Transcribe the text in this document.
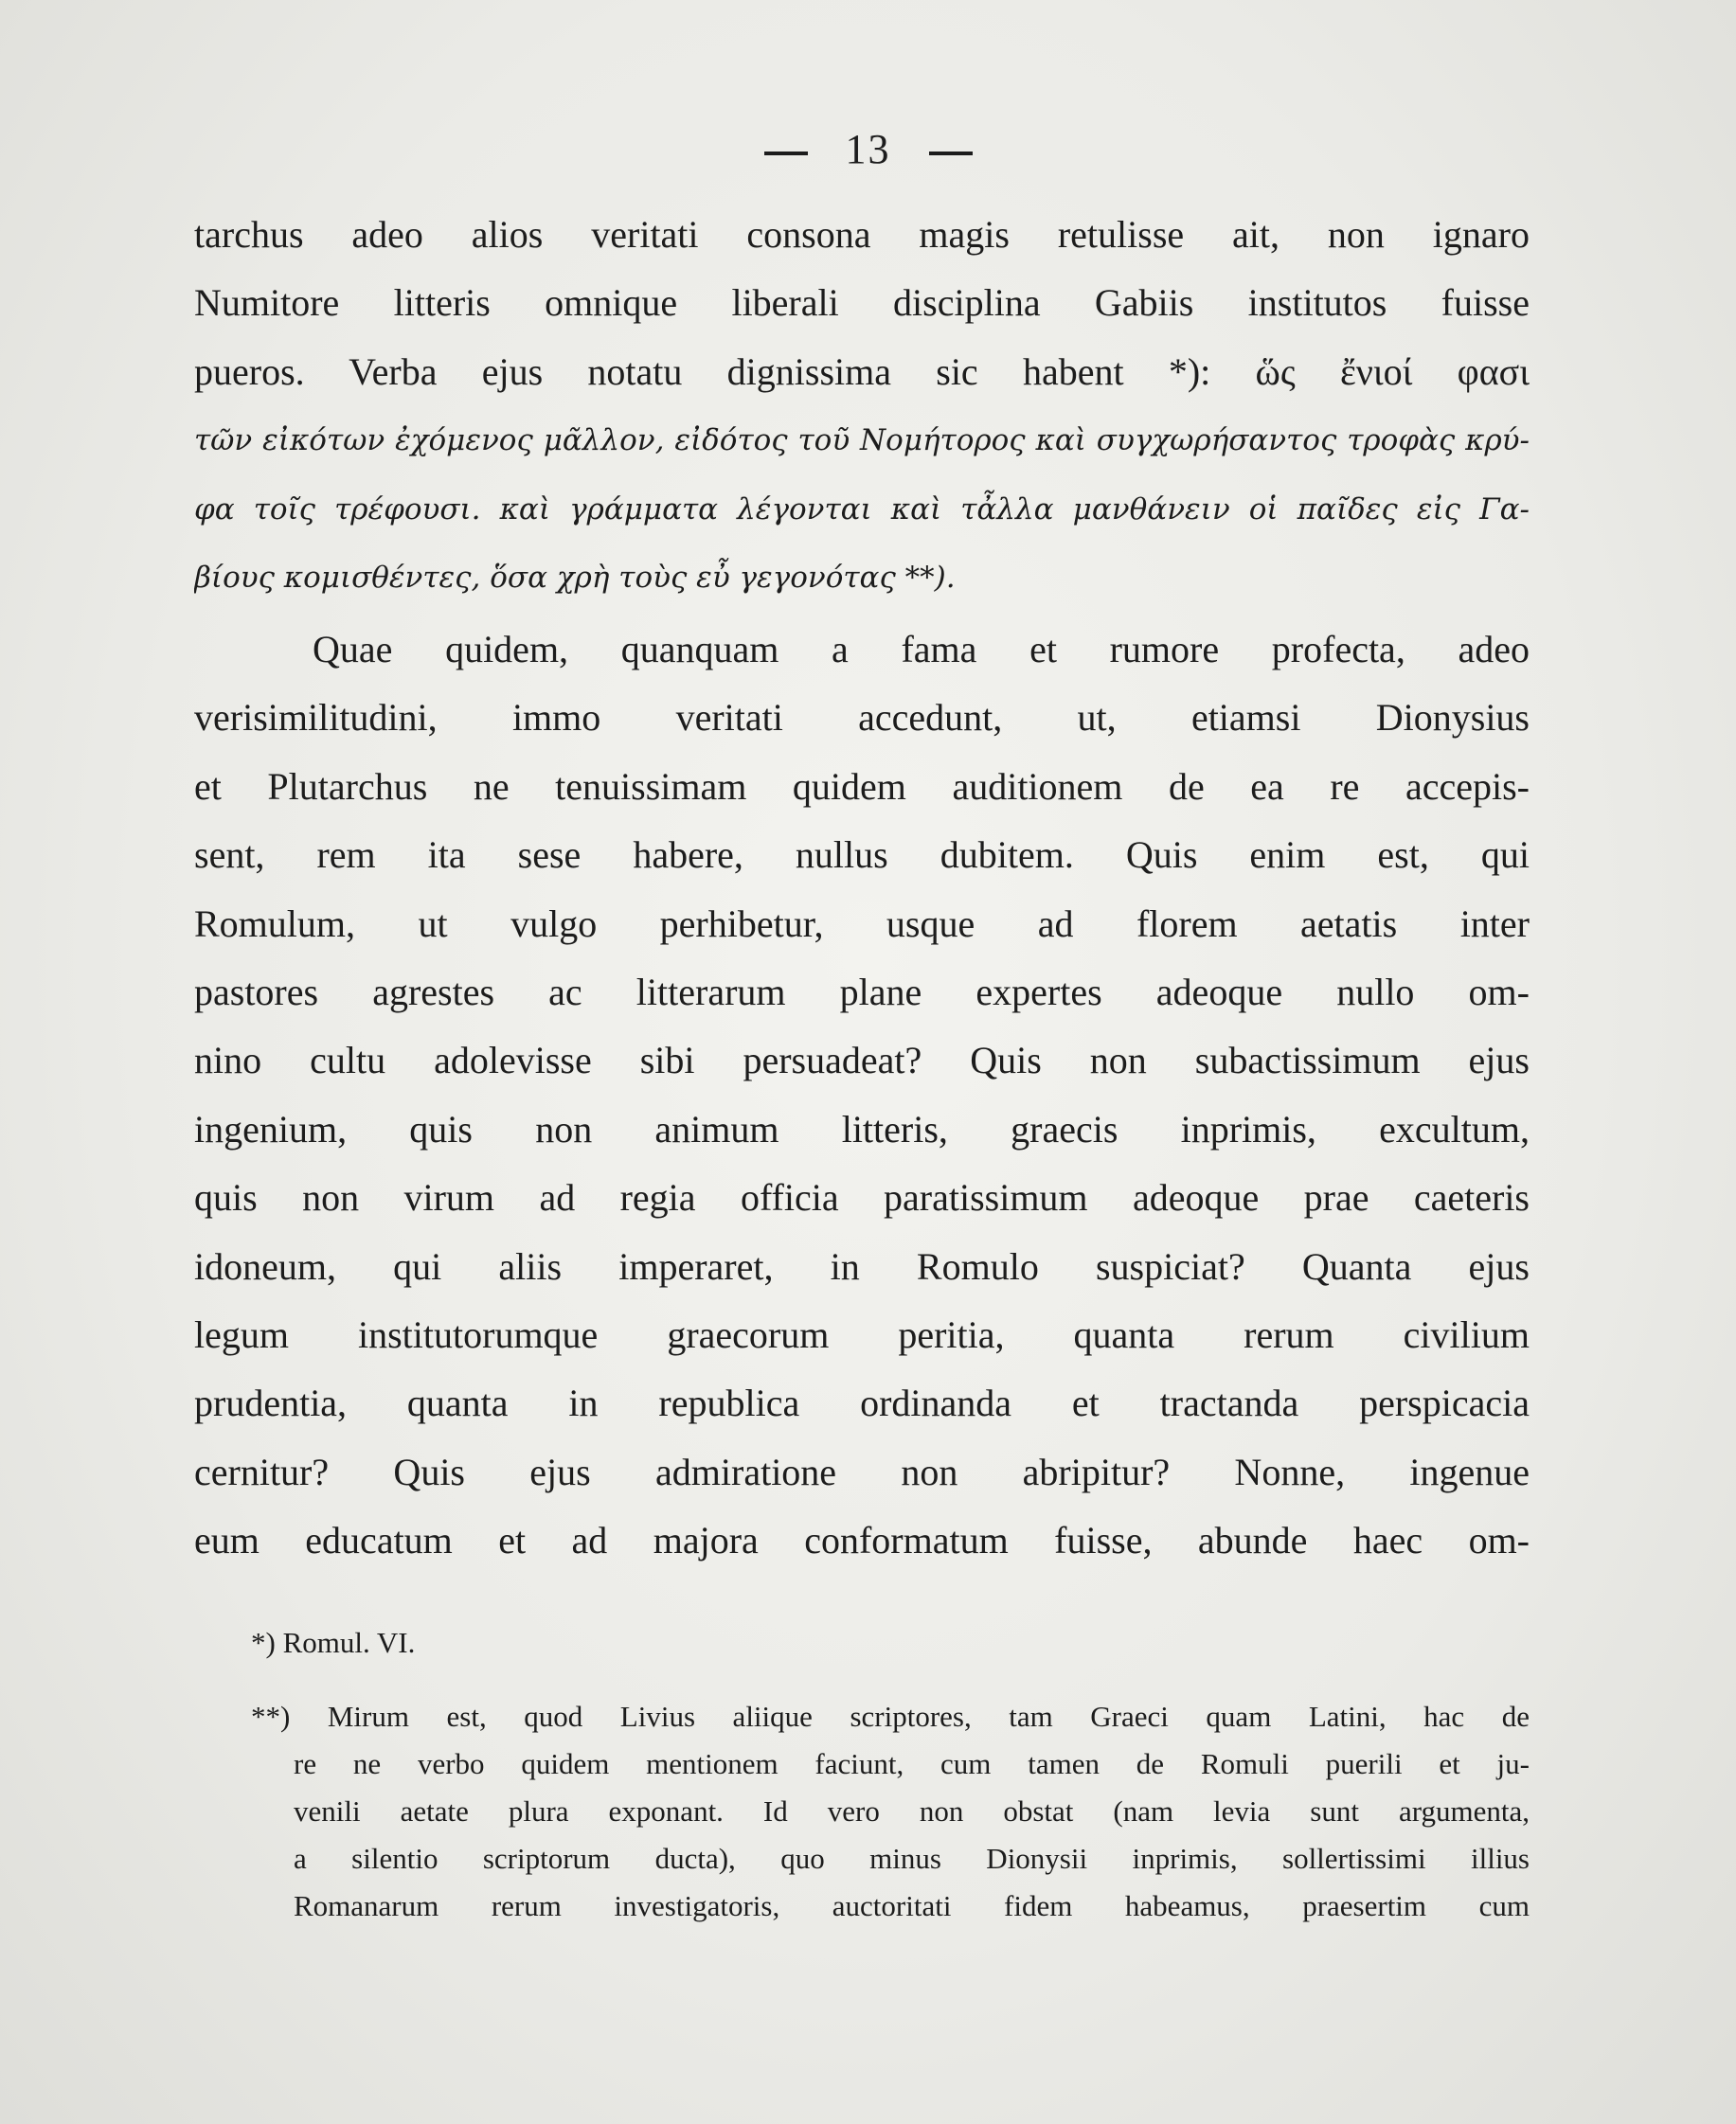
13
tarchus adeo alios veritati consona magis retulisse ait, non ignaro
Numitore litteris omnique liberali disciplina Gabiis institutos fuisse
pueros. Verba ejus notatu dignissima sic habent *): ὥς ἔνιοί φασι
τῶν εἰκότων ἐχόμενος μᾶλλον, εἰδότος τοῦ Νομήτορος καὶ συγχωρήσαντος τροφὰς κρύ-
φα τοῖς τρέφουσι. καὶ γράμματα λέγονται καὶ τἆλλα μανθάνειν οἱ παῖδες εἰς Γα-
βίους κομισθέντες, ὅσα χρὴ τοὺς εὖ γεγονότας **).
Quae quidem, quanquam a fama et rumore profecta, adeo
verisimilitudini, immo veritati accedunt, ut, etiamsi Dionysius
et Plutarchus ne tenuissimam quidem auditionem de ea re accepis-
sent, rem ita sese habere, nullus dubitem. Quis enim est, qui
Romulum, ut vulgo perhibetur, usque ad florem aetatis inter
pastores agrestes ac litterarum plane expertes adeoque nullo om-
nino cultu adolevisse sibi persuadeat? Quis non subactissimum ejus
ingenium, quis non animum litteris, graecis inprimis, excultum,
quis non virum ad regia officia paratissimum adeoque prae caeteris
idoneum, qui aliis imperaret, in Romulo suspiciat? Quanta ejus
legum institutorumque graecorum peritia, quanta rerum civilium
prudentia, quanta in republica ordinanda et tractanda perspicacia
cernitur? Quis ejus admiratione non abripitur? Nonne, ingenue
eum educatum et ad majora conformatum fuisse, abunde haec om-
*) Romul. VI.
**) Mirum est, quod Livius aliique scriptores, tam Graeci quam Latini, hac de
re ne verbo quidem mentionem faciunt, cum tamen de Romuli puerili et ju-
venili aetate plura exponant. Id vero non obstat (nam levia sunt argumenta,
a silentio scriptorum ducta), quo minus Dionysii inprimis, sollertissimi illius
Romanarum rerum investigatoris, auctoritati fidem habeamus, praesertim cum
